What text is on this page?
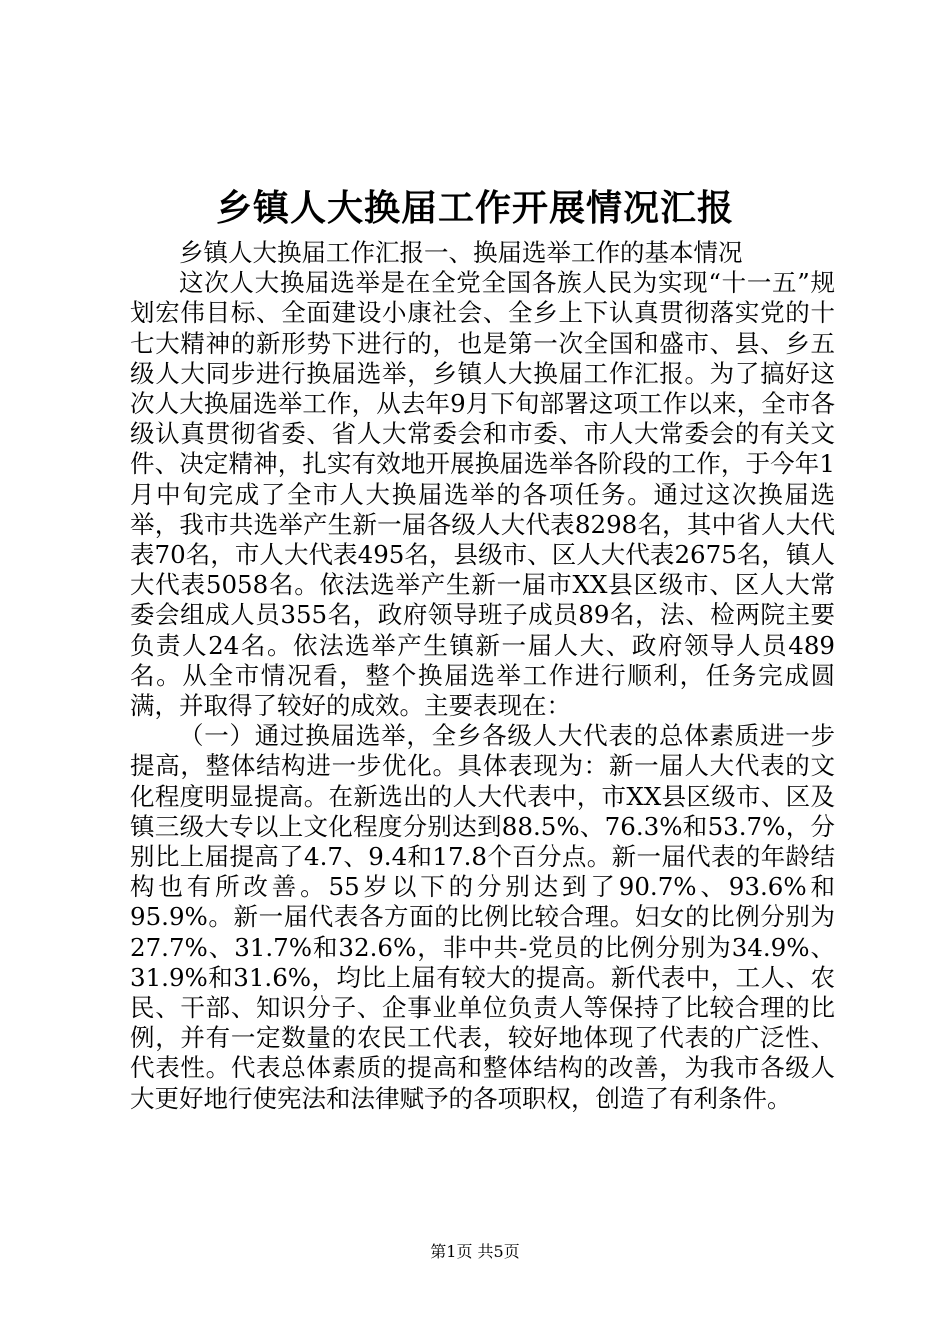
乡镇人大换届工作开展情况汇报

乡镇人大换届工作汇报一、换届选举工作的基本情况

这次人大换届选举是在全党全国各族人民为实现“十一五”规划宏伟目标、全面建设小康社会、全乡上下认真贯彻落实党的十七大精神的新形势下进行的，也是第一次全国和盛市、县、乡五级人大同步进行换届选举，乡镇人大换届工作汇报。为了搞好这次人大换届选举工作，从去年9月下旬部署这项工作以来，全市各级认真贯彻省委、省人大常委会和市委、市人大常委会的有关文件、决定精神，扎实有效地开展换届选举各阶段的工作，于今年1月中旬完成了全市人大换届选举的各项任务。通过这次换届选举，我市共选举产生新一届各级人大代表8298名，其中省人大代表70名，市人大代表495名，县级市、区人大代表2675名，镇人大代表5058名。依法选举产生新一届市XX县区级市、区人大常委会组成人员355名，政府领导班子成员89名，法、检两院主要负责人24名。依法选举产生镇新一届人大、政府领导人员489名。从全市情况看，整个换届选举工作进行顺利，任务完成圆满，并取得了较好的成效。主要表现在：

（一）通过换届选举，全乡各级人大代表的总体素质进一步提高，整体结构进一步优化。具体表现为：新一届人大代表的文化程度明显提高。在新选出的人大代表中，市XX县区级市、区及镇三级大专以上文化程度分别达到88.5%、76.3%和53.7%，分别比上届提高了4.7、9.4和17.8个百分点。新一届代表的年龄结构也有所改善。55岁以下的分别达到了90.7%、93.6%和95.9%。新一届代表各方面的比例比较合理。妇女的比例分别为27.7%、31.7%和32.6%，非中共-党员的比例分别为34.9%、31.9%和31.6%，均比上届有较大的提高。新代表中，工人、农民、干部、知识分子、企事业单位负责人等保持了比较合理的比例，并有一定数量的农民工代表，较好地体现了代表的广泛性、代表性。代表总体素质的提高和整体结构的改善，为我市各级人大更好地行使宪法和法律赋予的各项职权，创造了有利条件。

第1页 共5页
